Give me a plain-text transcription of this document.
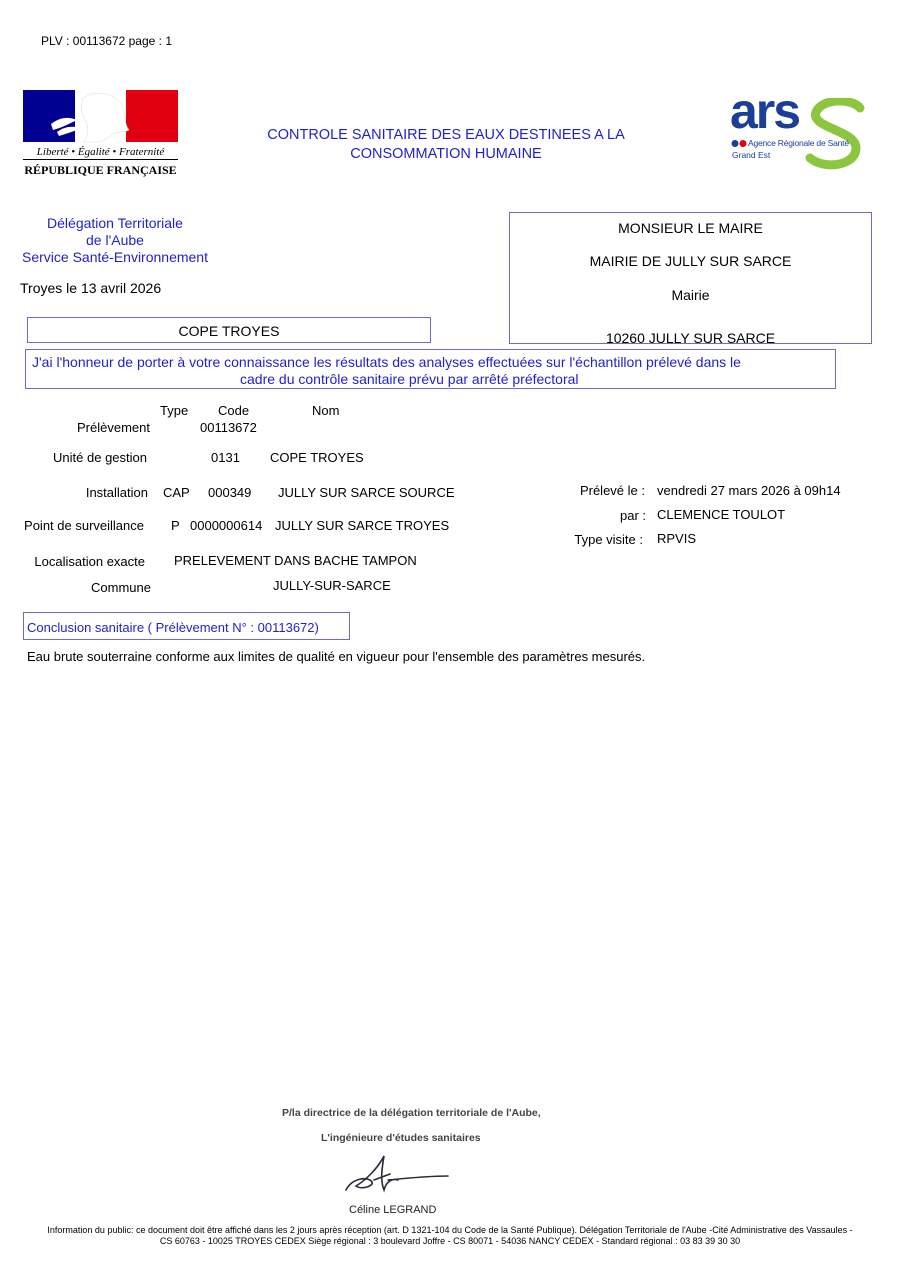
PLV : 00113672 page : 1
Liberté • Égalité • Fraternité
RÉPUBLIQUE FRANÇAISE
CONTROLE SANITAIRE DES EAUX DESTINEES A LA
CONSOMMATION HUMAINE
ars
Agence Régionale de Santé
Grand Est
Délégation Territoriale
de l'Aube
Service Santé-Environnement
Troyes le 13 avril 2026
MONSIEUR LE MAIRE
MAIRIE DE JULLY SUR SARCE
Mairie
10260 JULLY SUR SARCE
COPE TROYES
J'ai l'honneur de porter à votre connaissance les résultats des analyses effectuées sur l'échantillon prélevé dans le
cadre du contrôle sanitaire prévu par arrêté préfectoral
Type Code	Nom
Prélèvement	00113672
Unité de gestion	0131 COPE TROYES
Installation CAP 000349 JULLY SUR SARCE SOURCE
Point de surveillance P 0000000614 JULLY SUR SARCE TROYES
Localisation exacte PRELEVEMENT DANS BACHE TAMPON
Commune	JULLY-SUR-SARCE
Prélevé le : vendredi 27 mars 2026 à 09h14
par : CLEMENCE TOULOT
Type visite : RPVIS
Conclusion sanitaire ( Prélèvement N° : 00113672)
Eau brute souterraine conforme aux limites de qualité en vigueur pour l'ensemble des paramètres mesurés.
P/la directrice de la délégation territoriale de l'Aube,
L'ingénieure d'études sanitaires
Céline LEGRAND
Information du public: ce document doit être affiché dans les 2 jours après réception (art. D 1321-104 du Code de la Santé Publique). Délégation Territoriale de l'Aube -Cité Administrative des Vassaules -
CS 60763 - 10025 TROYES CEDEX Siège régional : 3 boulevard Joffre - CS 80071 - 54036 NANCY CEDEX - Standard régional : 03 83 39 30 30
